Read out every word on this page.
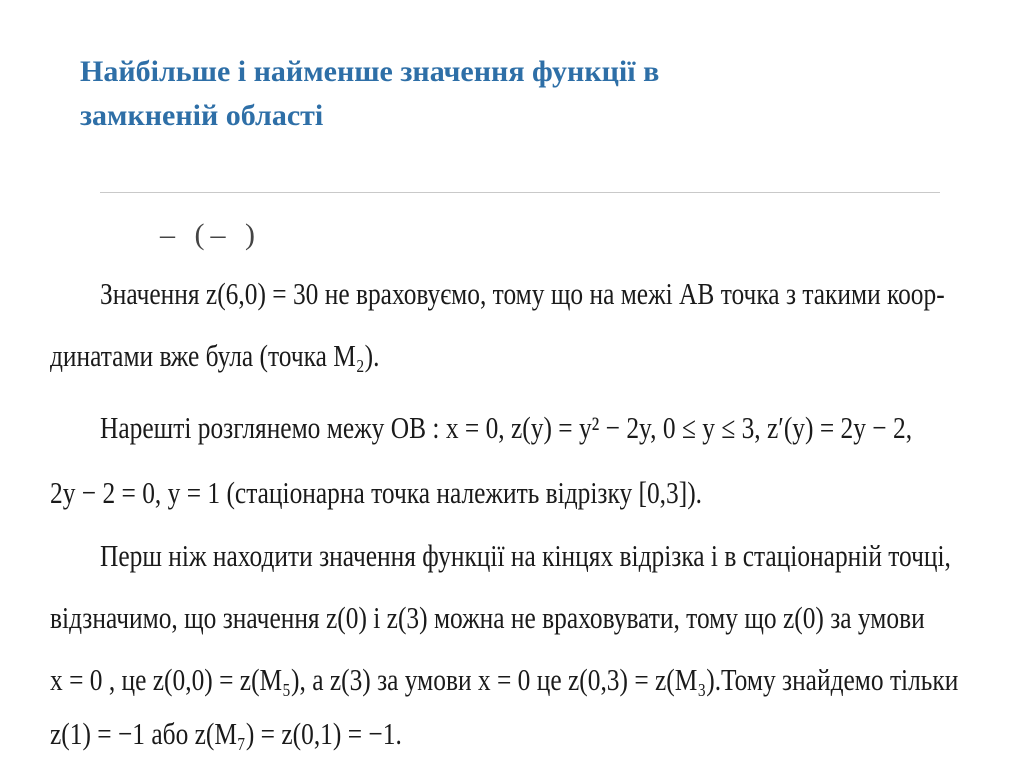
Найбільше і найменше значення функції в
замкненій області
– (– )
Значення z(6,0) = 30 не враховуємо, тому що на межі AB точка з такими коор-
динатами вже була (точка M₂).
Нарешті розглянемо межу OB : x = 0, z(y) = y² − 2y, 0 ≤ y ≤ 3, z′(y) = 2y − 2,
2y − 2 = 0, y = 1 (стаціонарна точка належить відрізку [0,3]).
Перш ніж находити значення функції на кінцях відрізка і в стаціонарній точці,
відзначимо, що значення z(0) і z(3) можна не враховувати, тому що z(0) за умови
x = 0 , це z(0,0) = z(M₅), а z(3) за умови x = 0 це z(0,3) = z(M₃).Тому знайдемо тільки
z(1) = −1 або z(M₇) = z(0,1) = −1.
